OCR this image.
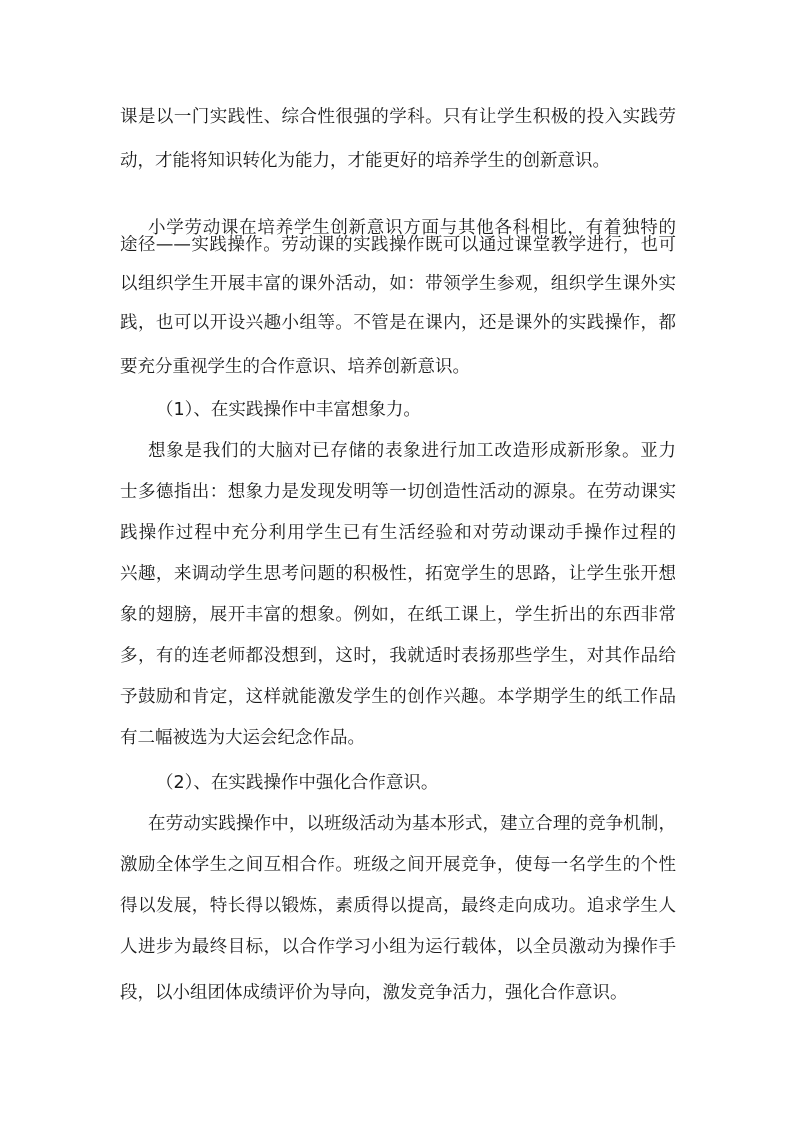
课是以一门实践性、综合性很强的学科。只有让学生积极的投入实践劳
动，才能将知识转化为能力，才能更好的培养学生的创新意识。
小学劳动课在培养学生创新意识方面与其他各科相比，有着独特的
途径——实践操作。劳动课的实践操作既可以通过课堂教学进行，也可
以组织学生开展丰富的课外活动，如：带领学生参观，组织学生课外实
践，也可以开设兴趣小组等。不管是在课内，还是课外的实践操作，都
要充分重视学生的合作意识、培养创新意识。
（1）、在实践操作中丰富想象力。
想象是我们的大脑对已存储的表象进行加工改造形成新形象。亚力
士多德指出：想象力是发现发明等一切创造性活动的源泉。在劳动课实
践操作过程中充分利用学生已有生活经验和对劳动课动手操作过程的
兴趣，来调动学生思考问题的积极性，拓宽学生的思路，让学生张开想
象的翅膀，展开丰富的想象。例如，在纸工课上，学生折出的东西非常
多，有的连老师都没想到，这时，我就适时表扬那些学生，对其作品给
予鼓励和肯定，这样就能激发学生的创作兴趣。本学期学生的纸工作品
有二幅被选为大运会纪念作品。
（2）、在实践操作中强化合作意识。
在劳动实践操作中，以班级活动为基本形式，建立合理的竞争机制，
激励全体学生之间互相合作。班级之间开展竞争，使每一名学生的个性
得以发展，特长得以锻炼，素质得以提高，最终走向成功。追求学生人
人进步为最终目标，以合作学习小组为运行载体，以全员激动为操作手
段，以小组团体成绩评价为导向，激发竞争活力，强化合作意识。
